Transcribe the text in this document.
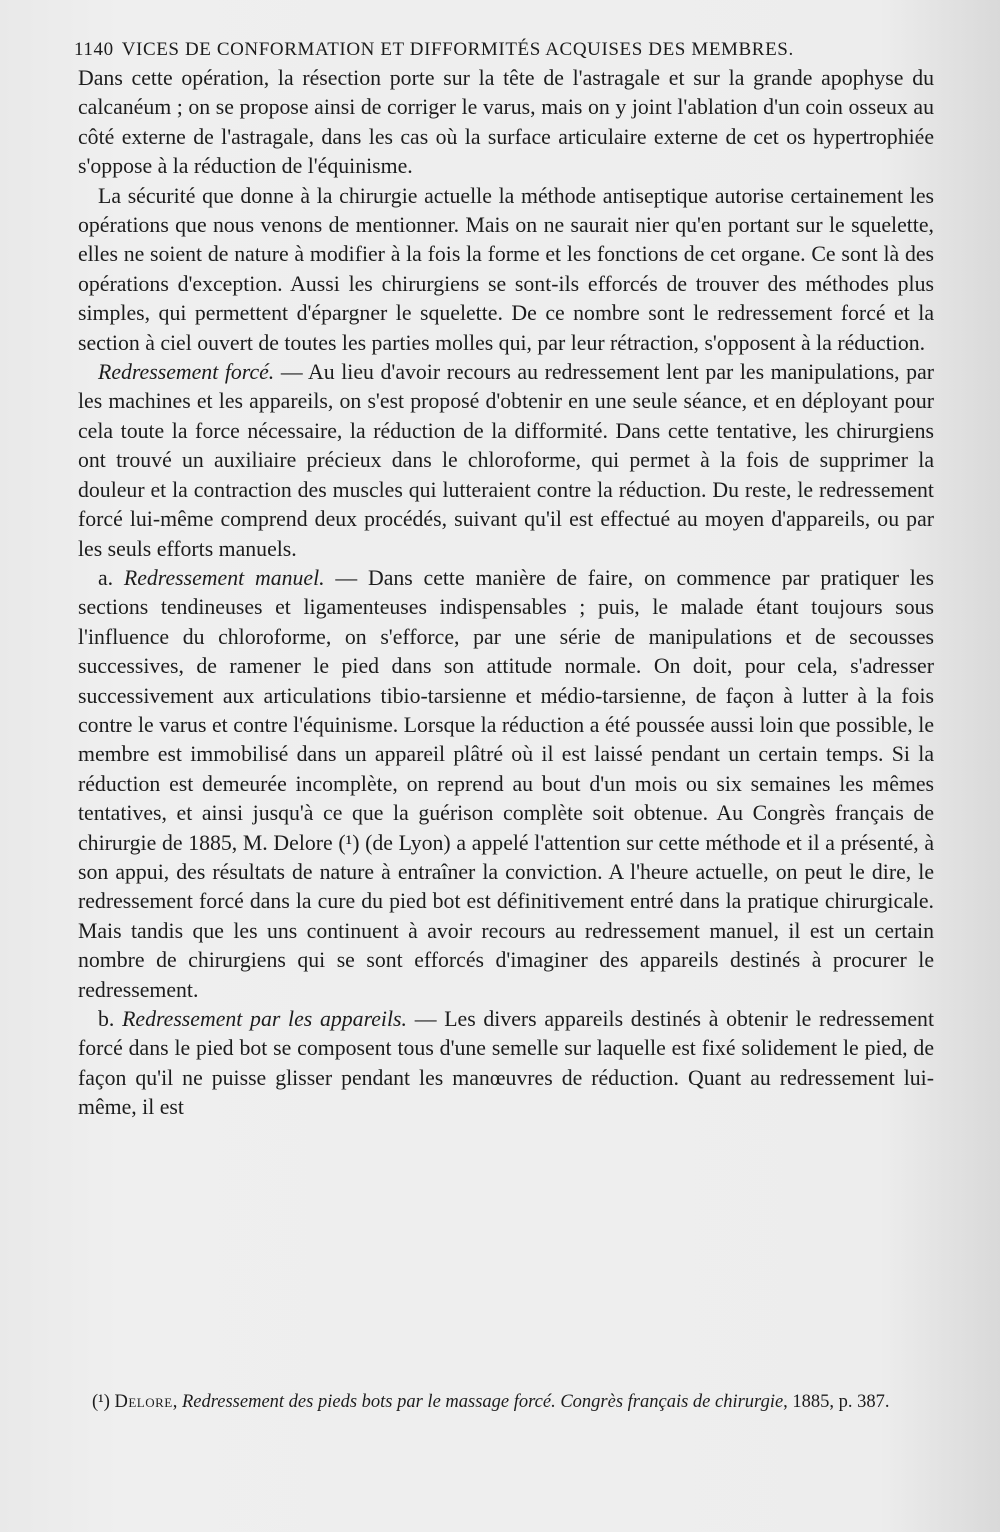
1140 VICES DE CONFORMATION ET DIFFORMITÉS ACQUISES DES MEMBRES.

Dans cette opération, la résection porte sur la tête de l'astragale et sur la grande apophyse du calcanéum ; on se propose ainsi de corriger le varus, mais on y joint l'ablation d'un coin osseux au côté externe de l'astragale, dans les cas où la surface articulaire externe de cet os hypertrophiée s'oppose à la réduction de l'équinisme.

La sécurité que donne à la chirurgie actuelle la méthode antiseptique autorise certainement les opérations que nous venons de mentionner. Mais on ne saurait nier qu'en portant sur le squelette, elles ne soient de nature à modifier à la fois la forme et les fonctions de cet organe. Ce sont là des opérations d'exception. Aussi les chirurgiens se sont-ils efforcés de trouver des méthodes plus simples, qui permettent d'épargner le squelette. De ce nombre sont le redressement forcé et la section à ciel ouvert de toutes les parties molles qui, par leur rétraction, s'opposent à la réduction.

Redressement forcé. — Au lieu d'avoir recours au redressement lent par les manipulations, par les machines et les appareils, on s'est proposé d'obtenir en une seule séance, et en déployant pour cela toute la force nécessaire, la réduction de la difformité. Dans cette tentative, les chirurgiens ont trouvé un auxiliaire précieux dans le chloroforme, qui permet à la fois de supprimer la douleur et la contraction des muscles qui lutteraient contre la réduction. Du reste, le redressement forcé lui-même comprend deux procédés, suivant qu'il est effectué au moyen d'appareils, ou par les seuls efforts manuels.

a. Redressement manuel. — Dans cette manière de faire, on commence par pratiquer les sections tendineuses et ligamenteuses indispensables ; puis, le malade étant toujours sous l'influence du chloroforme, on s'efforce, par une série de manipulations et de secousses successives, de ramener le pied dans son attitude normale. On doit, pour cela, s'adresser successivement aux articulations tibio-tarsienne et médio-tarsienne, de façon à lutter à la fois contre le varus et contre l'équinisme. Lorsque la réduction a été poussée aussi loin que possible, le membre est immobilisé dans un appareil plâtré où il est laissé pendant un certain temps. Si la réduction est demeurée incomplète, on reprend au bout d'un mois ou six semaines les mêmes tentatives, et ainsi jusqu'à ce que la guérison complète soit obtenue. Au Congrès français de chirurgie de 1885, M. Delore (¹) (de Lyon) a appelé l'attention sur cette méthode et il a présenté, à son appui, des résultats de nature à entraîner la conviction. A l'heure actuelle, on peut le dire, le redressement forcé dans la cure du pied bot est définitivement entré dans la pratique chirurgicale. Mais tandis que les uns continuent à avoir recours au redressement manuel, il est un certain nombre de chirurgiens qui se sont efforcés d'imaginer des appareils destinés à procurer le redressement.

b. Redressement par les appareils. — Les divers appareils destinés à obtenir le redressement forcé dans le pied bot se composent tous d'une semelle sur laquelle est fixé solidement le pied, de façon qu'il ne puisse glisser pendant les manœuvres de réduction. Quant au redressement lui-même, il est

(¹) Delore, Redressement des pieds bots par le massage forcé. Congrès français de chirurgie, 1885, p. 387.
